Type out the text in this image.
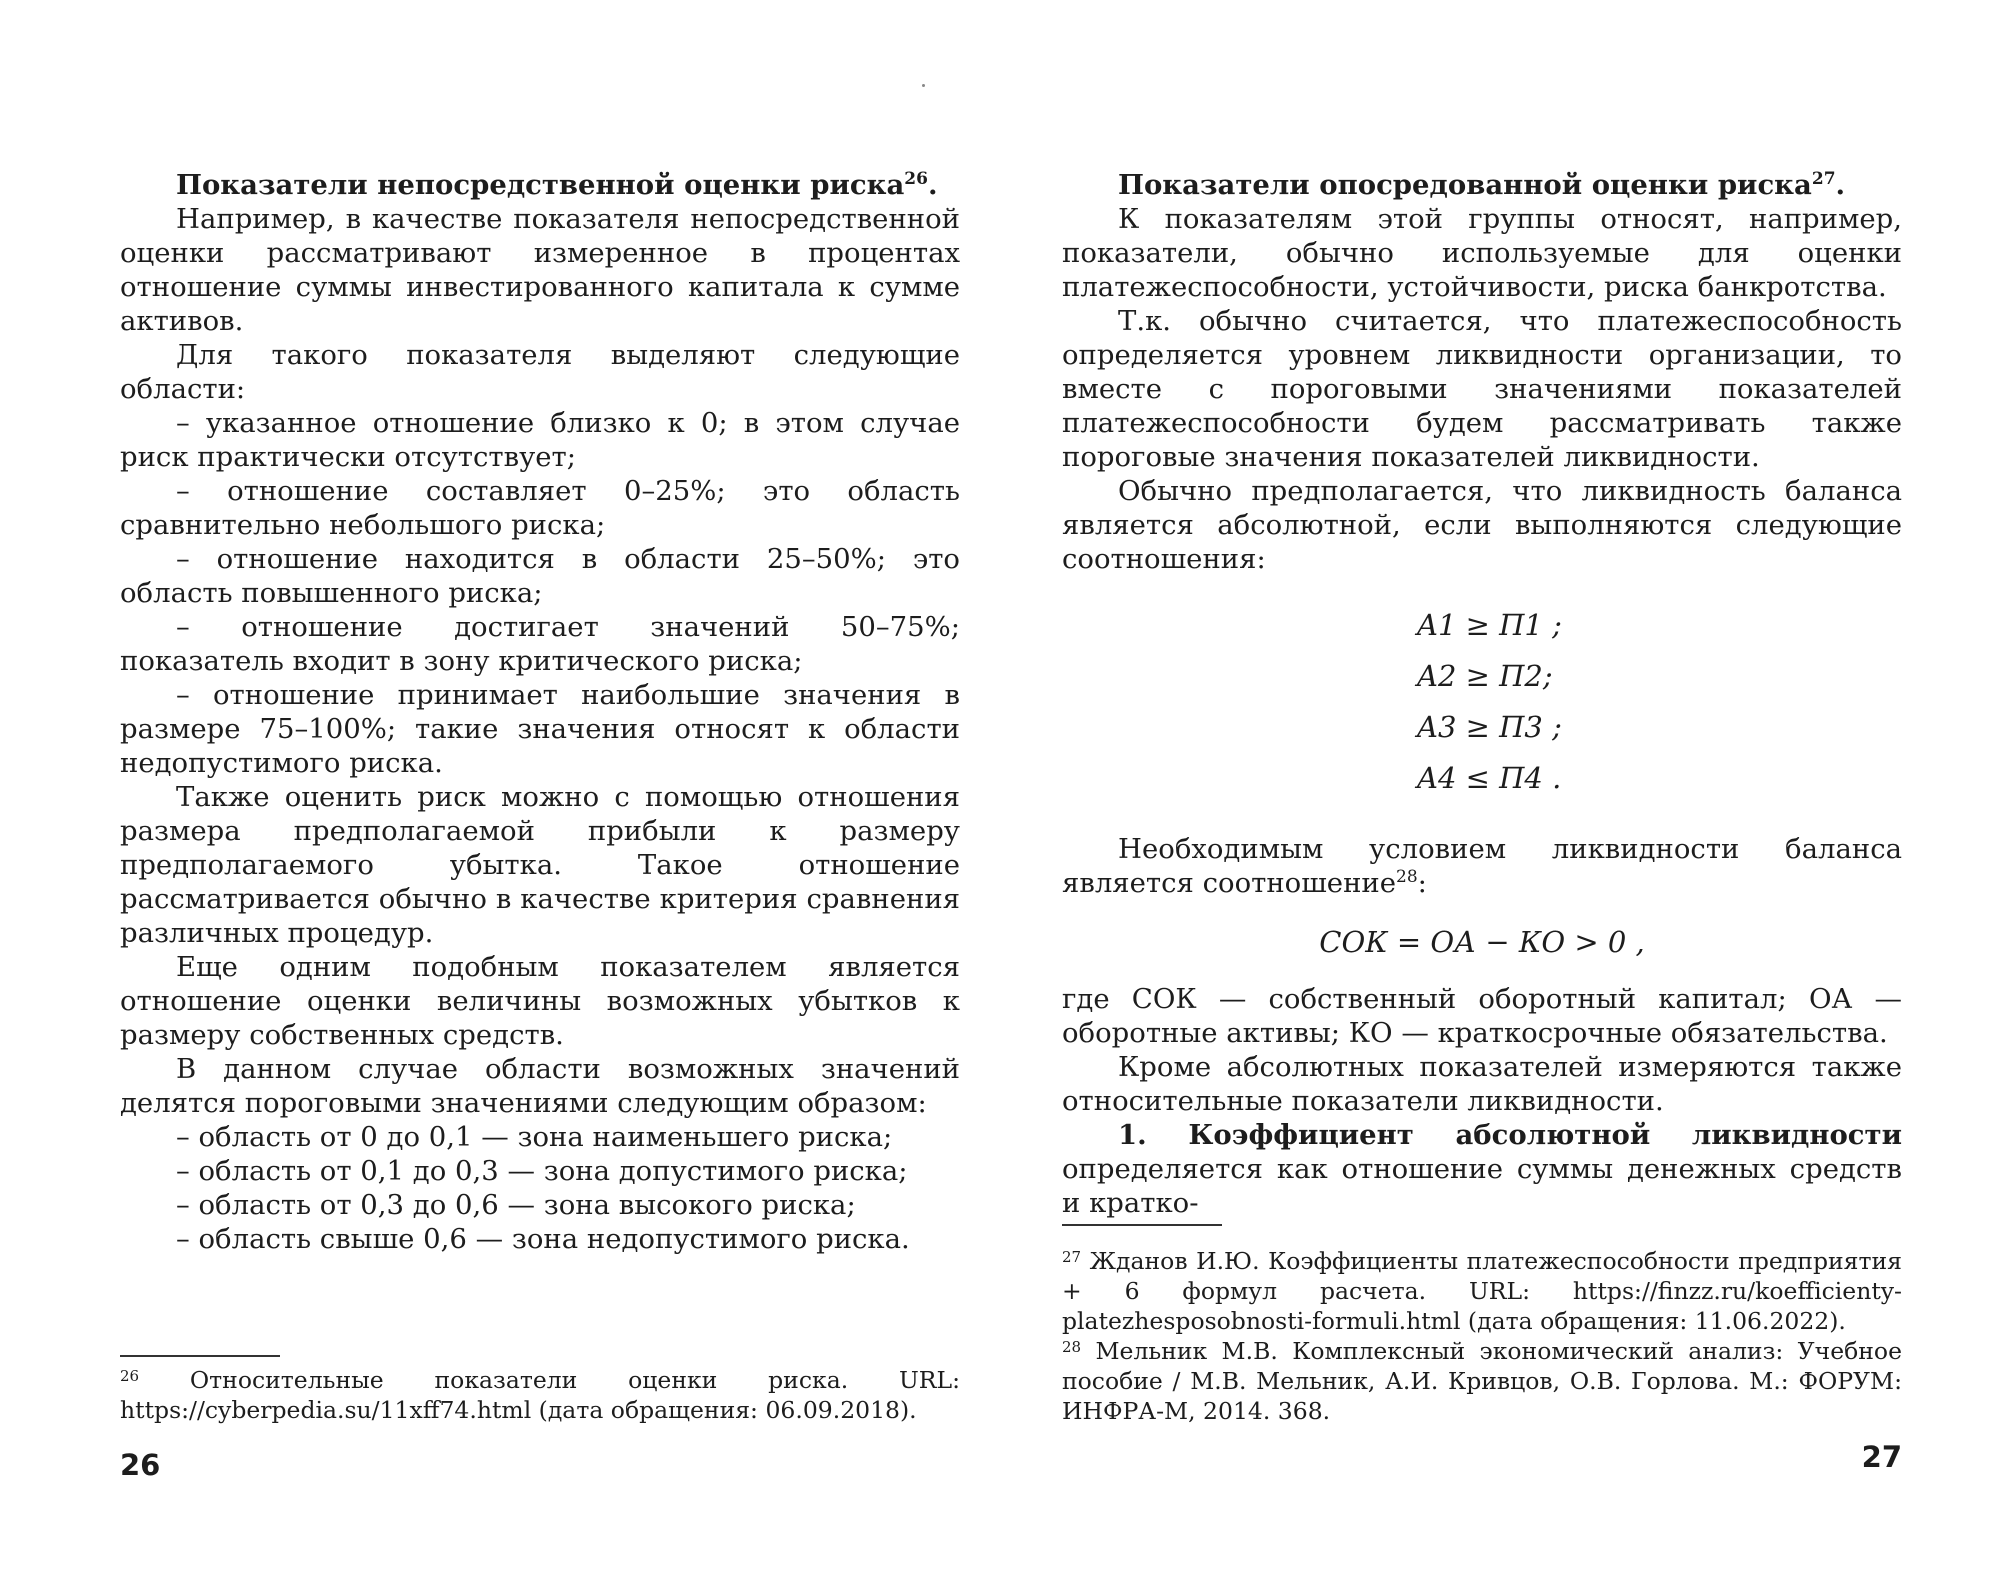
Показатели непосредственной оценки риска$^{26}$.

Например, в качестве показателя непосредственной оценки рассматривают измеренное в процентах отношение суммы инвестированного капитала к сумме активов.

Для такого показателя выделяют следующие области:

– указанное отношение близко к 0; в этом случае риск практически отсутствует;

– отношение составляет 0–25%; это область сравнительно небольшого риска;

– отношение находится в области 25–50%; это область повышенного риска;

– отношение достигает значений 50–75%; показатель входит в зону критического риска;

– отношение принимает наибольшие значения в размере 75–100%; такие значения относят к области недопустимого риска.

Также оценить риск можно с помощью отношения размера предполагаемой прибыли к размеру предполагаемого убытка. Такое отношение рассматривается обычно в качестве критерия сравнения различных процедур.

Еще одним подобным показателем является отношение оценки величины возможных убытков к размеру собственных средств.

В данном случае области возможных значений делятся пороговыми значениями следующим образом:

– область от 0 до 0,1 — зона наименьшего риска;

– область от 0,1 до 0,3 — зона допустимого риска;

– область от 0,3 до 0,6 — зона высокого риска;

– область свыше 0,6 — зона недопустимого риска.

$^{26}$ Относительные показатели оценки риска. URL: https://cyberpedia.su/11xff74.html (дата обращения: 06.09.2018).

26

Показатели опосредованной оценки риска$^{27}$.

К показателям этой группы относят, например, показатели, обычно используемые для оценки платежеспособности, устойчивости, риска банкротства.

Т.к. обычно считается, что платежеспособность определяется уровнем ликвидности организации, то вместе с пороговыми значениями показателей платежеспособности будем рассматривать также пороговые значения показателей ликвидности.

Обычно предполагается, что ликвидность баланса является абсолютной, если выполняются следующие соотношения:

A1 ≥ П1 ;
A2 ≥ П2;
A3 ≥ П3 ;
A4 ≤ П4 .

Необходимым условием ликвидности баланса является соотношение$^{28}$:

СОК = ОА − КО > 0 ,

где СОК — собственный оборотный капитал; ОА — оборотные активы; КО — краткосрочные обязательства.

Кроме абсолютных показателей измеряются также относительные показатели ликвидности.

1. Коэффициент абсолютной ликвидности определяется как отношение суммы денежных средств и кратко-

$^{27}$ Жданов И.Ю. Коэффициенты платежеспособности предприятия + 6 формул расчета. URL: https://finzz.ru/koefficienty-platezhesposobnosti-formuli.html (дата обращения: 11.06.2022).

$^{28}$ Мельник М.В. Комплексный экономический анализ: Учебное пособие / М.В. Мельник, А.И. Кривцов, О.В. Горлова. М.: ФОРУМ: ИНФРА-М, 2014. 368.

27
